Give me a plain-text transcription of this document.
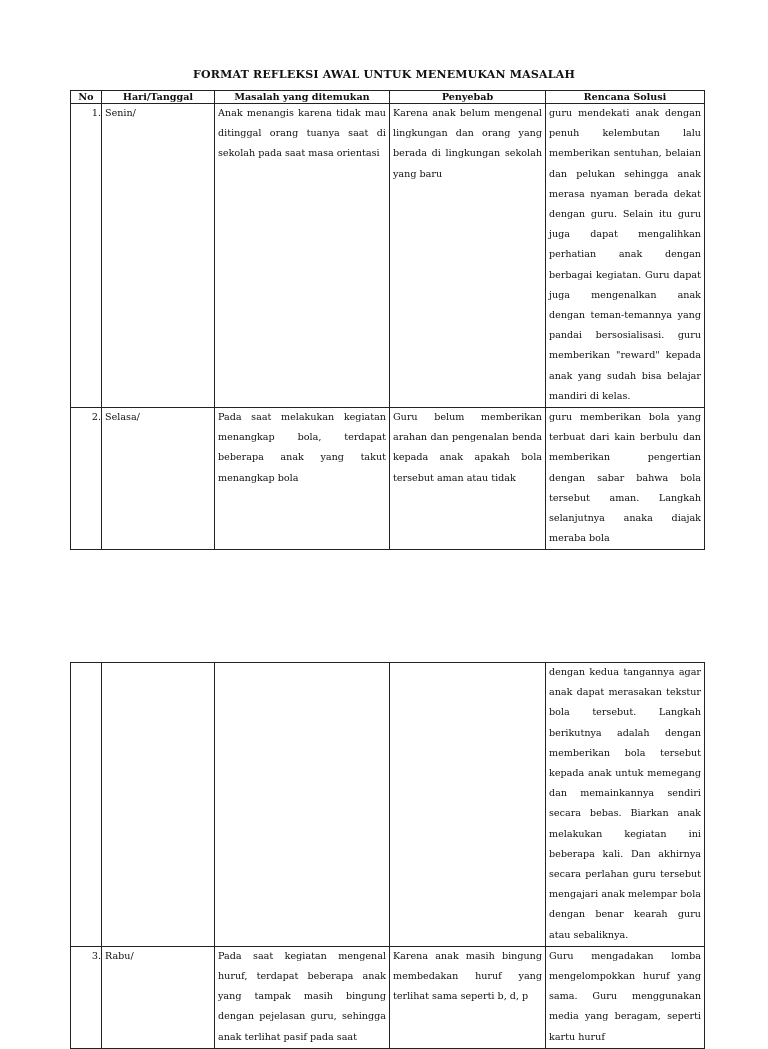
FORMAT REFLEKSI AWAL UNTUK MENEMUKAN MASALAH
No	Hari/Tanggal	Masalah yang ditemukan	Penyebab	Rencana Solusi
1.	Senin/	Anak menangis karena tidak mau ditinggal orang tuanya saat di sekolah pada saat masa orientasi	Karena anak belum mengenal lingkungan dan orang yang berada di lingkungan sekolah yang baru	guru mendekati anak dengan penuh kelembutan lalu memberikan sentuhan, belaian dan pelukan sehingga anak merasa nyaman berada dekat dengan guru. Selain itu guru juga dapat mengalihkan perhatian anak dengan berbagai kegiatan. Guru dapat juga mengenalkan anak dengan teman-temannya yang pandai bersosialisasi. guru memberikan "reward" kepada anak yang sudah bisa belajar mandiri di kelas.
2.	Selasa/	Pada saat melakukan kegiatan menangkap bola, terdapat beberapa anak yang takut menangkap bola	Guru belum memberikan arahan dan pengenalan benda kepada anak apakah bola tersebut aman atau tidak	guru memberikan bola yang terbuat dari kain berbulu dan memberikan pengertian dengan sabar bahwa bola tersebut aman. Langkah selanjutnya anaka diajak meraba bola
				dengan kedua tangannya agar anak dapat merasakan tekstur bola tersebut. Langkah berikutnya adalah dengan memberikan bola tersebut kepada anak untuk memegang dan memainkannya sendiri secara bebas. Biarkan anak melakukan kegiatan ini beberapa kali. Dan akhirnya secara perlahan guru tersebut mengajari anak melempar bola dengan benar kearah guru atau sebaliknya.
3.	Rabu/	Pada saat kegiatan mengenal huruf, terdapat beberapa anak yang tampak masih bingung dengan pejelasan guru, sehingga anak terlihat pasif pada saat	Karena anak masih bingung membedakan huruf yang terlihat sama seperti b, d, p	Guru mengadakan lomba mengelompokkan huruf yang sama. Guru menggunakan media yang beragam, seperti kartu huruf
